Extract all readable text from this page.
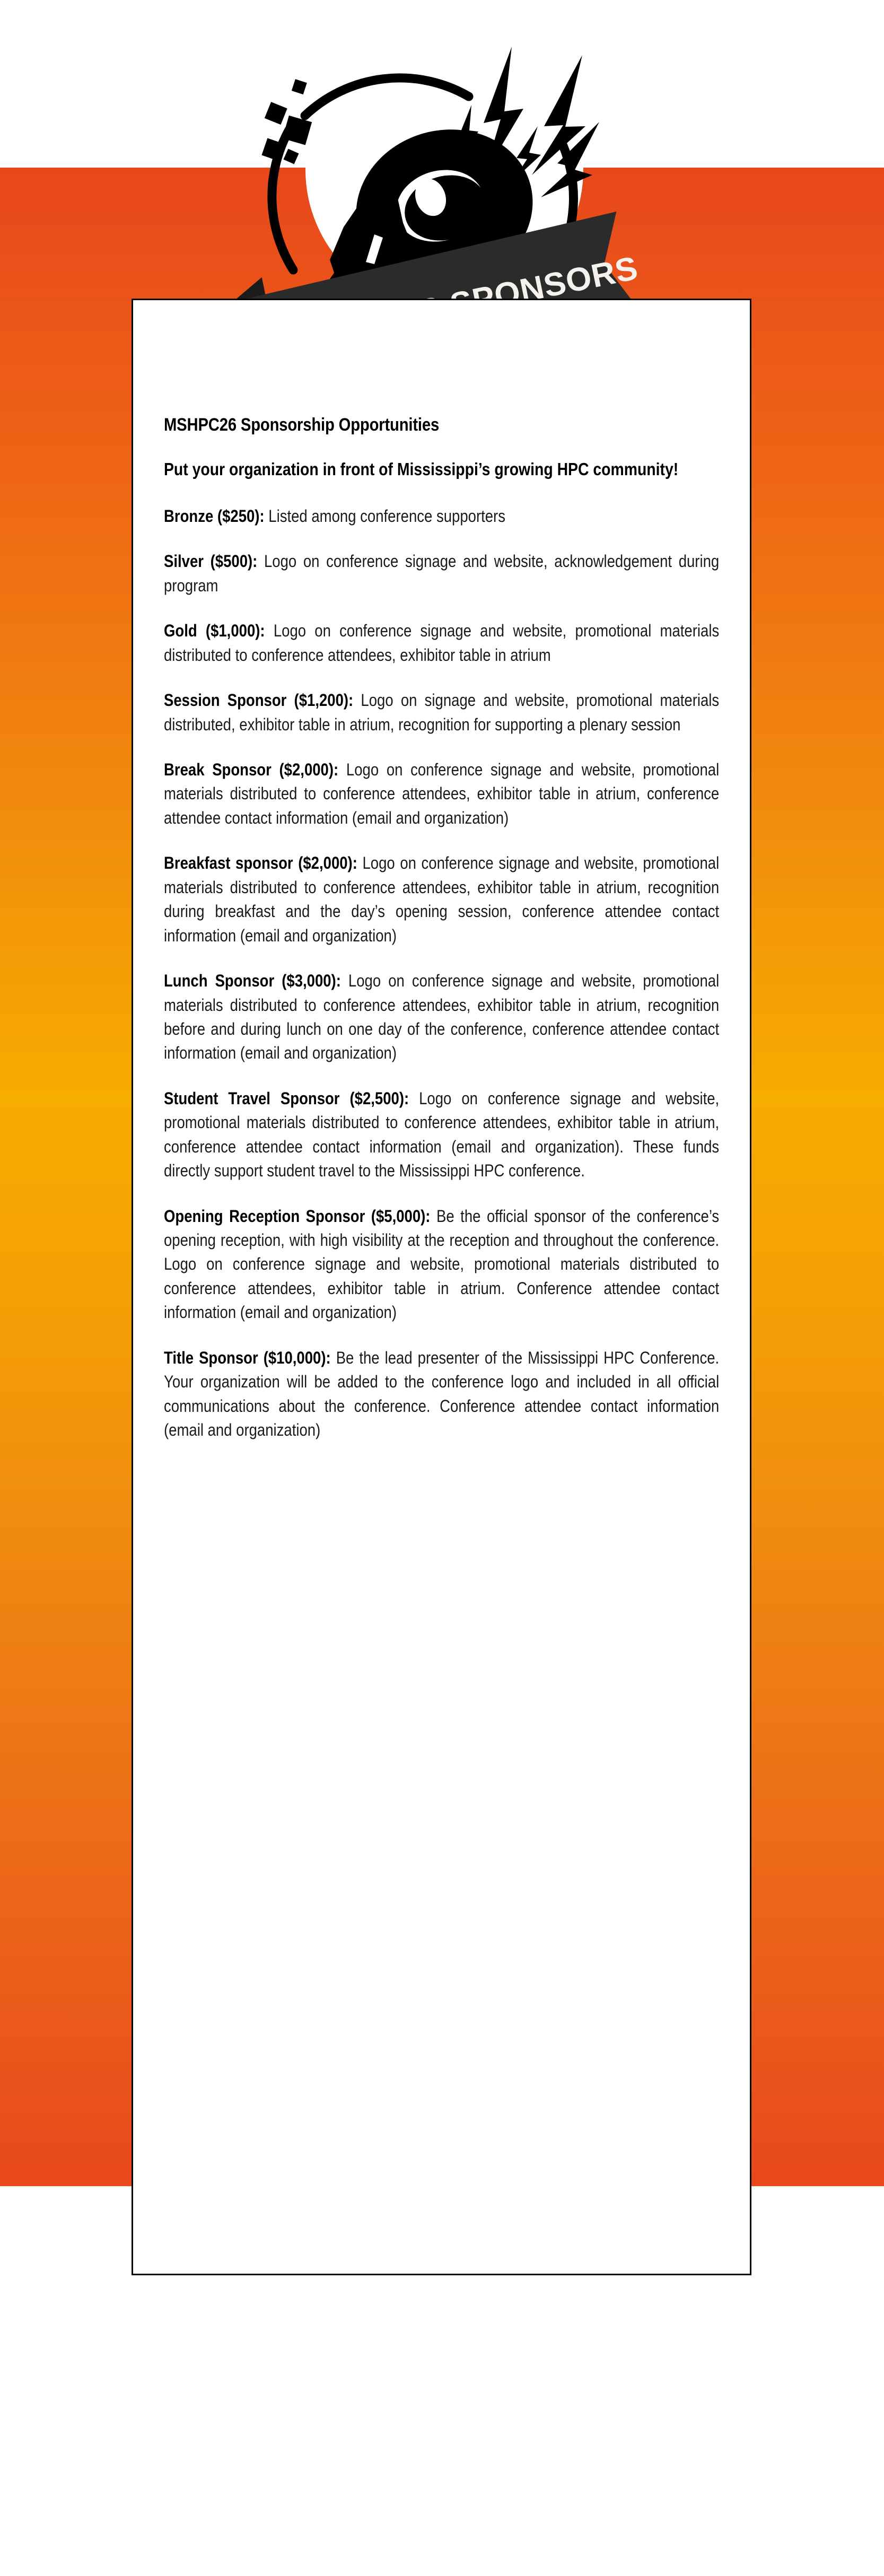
MSHPC26 Sponsorship Opportunities

Put your organization in front of Mississippi’s growing HPC community!

Bronze ($250): Listed among conference supporters

Silver ($500): Logo on conference signage and website, acknowledgement during program

Gold ($1,000): Logo on conference signage and website, promotional materials distributed to conference attendees, exhibitor table in atrium

Session Sponsor ($1,200): Logo on signage and website, promotional materials distributed, exhibitor table in atrium, recognition for supporting a plenary session

Break Sponsor ($2,000): Logo on conference signage and website, promotional materials distributed to conference attendees, exhibitor table in atrium, conference attendee contact information (email and organization)

Breakfast sponsor ($2,000): Logo on conference signage and website, promotional materials distributed to conference attendees, exhibitor table in atrium, recognition during breakfast and the day’s opening session, conference attendee contact information (email and organization)

Lunch Sponsor ($3,000): Logo on conference signage and website, promotional materials distributed to conference attendees, exhibitor table in atrium, recognition before and during lunch on one day of the conference, conference attendee contact information (email and organization)

Student Travel Sponsor ($2,500): Logo on conference signage and website, promotional materials distributed to conference attendees, exhibitor table in atrium, conference attendee contact information (email and organization). These funds directly support student travel to the Mississippi HPC conference.

Opening Reception Sponsor ($5,000): Be the official sponsor of the conference’s opening reception, with high visibility at the reception and throughout the conference. Logo on conference signage and website, promotional materials distributed to conference attendees, exhibitor table in atrium. Conference attendee contact information (email and organization)

Title Sponsor ($10,000): Be the lead presenter of the Mississippi HPC Conference. Your organization will be added to the conference logo and included in all official communications about the conference. Conference attendee contact information (email and organization)
